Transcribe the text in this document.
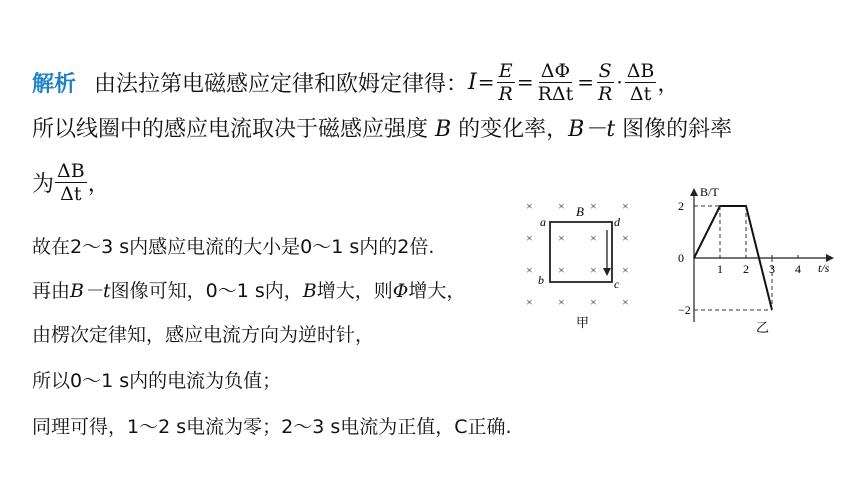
解析 由法拉第电磁感应定律和欧姆定律得： $I = \frac{E}{R} = \frac{\Delta\Phi}{\text{RΔt}} = \frac{S}{R} \cdot \frac{\Delta B}{\Delta t}$ ，
所以线圈中的感应电流取决于磁感应强度 B 的变化率，B－t 图像的斜率
为 $\frac{\Delta B}{\Delta t}$ ，
故在2～3 s内感应电流的大小是0～1 s内的2倍.
再由B－t图像可知，0～1 s内，B增大，则Φ增大，
由楞次定律知，感应电流方向为逆时针，
所以0～1 s内的电流为负值；
同理可得，1～2 s电流为零；2～3 s电流为正值，C正确.
× × × ×
× × × ×
× × × ×
× × × ×
a
B
d
b	c
甲
B/T
t/s
2
0
−2
1 2 3 4
乙
